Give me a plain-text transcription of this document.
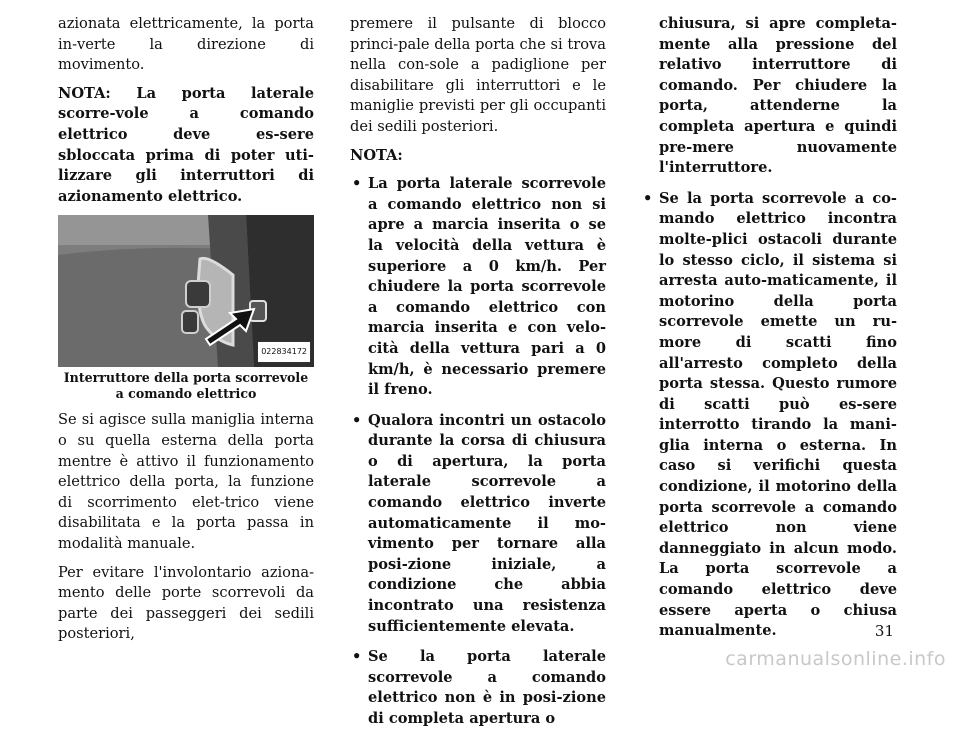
azionata elettricamente, la porta in-verte la direzione di movimento.

NOTA: La porta laterale scorre-vole a comando elettrico deve es-sere sbloccata prima di poter uti-lizzare gli interruttori di azionamento elettrico.

022834172
Interruttore della porta scorrevole a comando elettrico

Se si agisce sulla maniglia interna o su quella esterna della porta mentre è attivo il funzionamento elettrico della porta, la funzione di scorrimento elet-trico viene disabilitata e la porta passa in modalità manuale.

Per evitare l'involontario aziona-mento delle porte scorrevoli da parte dei passeggeri dei sedili posteriori,

premere il pulsante di blocco princi-pale della porta che si trova nella con-sole a padiglione per disabilitare gli interruttori e le maniglie previsti per gli occupanti dei sedili posteriori.

NOTA:

• La porta laterale scorrevole a comando elettrico non si apre a marcia inserita o se la velocità della vettura è superiore a 0 km/h. Per chiudere la porta scorrevole a comando elettrico con marcia inserita e con velo-cità della vettura pari a 0 km/h, è necessario premere il freno.
• Qualora incontri un ostacolo durante la corsa di chiusura o di apertura, la porta laterale scorrevole a comando elettrico inverte automaticamente il mo-vimento per tornare alla posi-zione iniziale, a condizione che abbia incontrato una resistenza sufficientemente elevata.
• Se la porta laterale scorrevole a comando elettrico non è in posi-zione di completa apertura o
chiusura, si apre completa-mente alla pressione del relativo interruttore di comando. Per chiudere la porta, attenderne la completa apertura e quindi pre-mere nuovamente l'interruttore.
• Se la porta scorrevole a co-mando elettrico incontra molte-plici ostacoli durante lo stesso ciclo, il sistema si arresta auto-maticamente, il motorino della porta scorrevole emette un ru-more di scatti fino all'arresto completo della porta stessa. Questo rumore di scatti può es-sere interrotto tirando la mani-glia interna o esterna. In caso si verifichi questa condizione, il motorino della porta scorrevole a comando elettrico non viene danneggiato in alcun modo. La porta scorrevole a comando elettrico deve essere aperta o chiusa manualmente.	31
carmanualsonline.info
